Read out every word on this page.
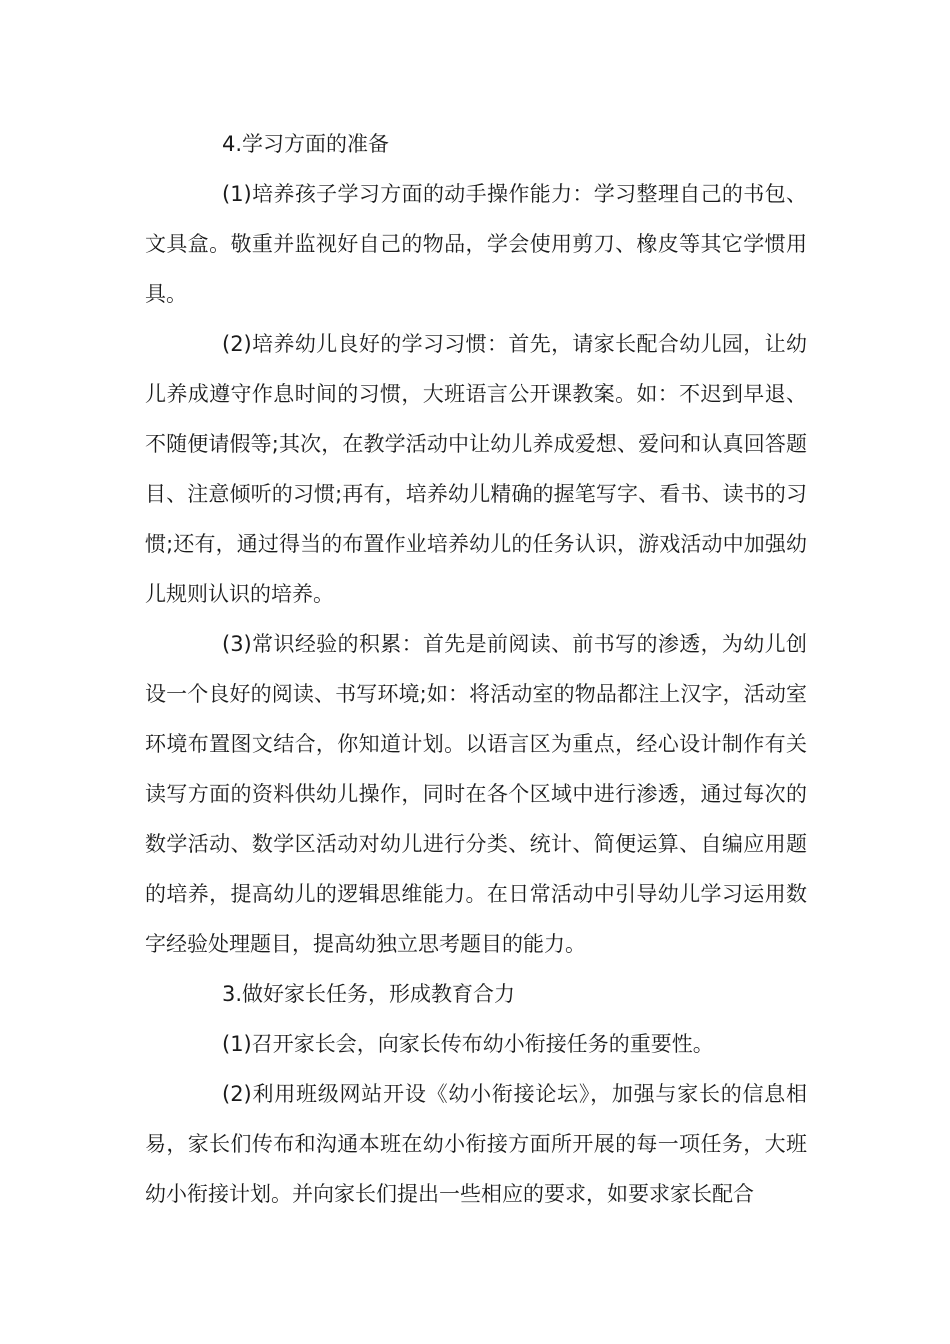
4.学习方面的准备

(1)培养孩子学习方面的动手操作能力：学习整理自己的书包、文具盒。敬重并监视好自己的物品，学会使用剪刀、橡皮等其它学惯用具。

(2)培养幼儿良好的学习习惯：首先，请家长配合幼儿园，让幼儿养成遵守作息时间的习惯，大班语言公开课教案。如：不迟到早退、不随便请假等;其次，在教学活动中让幼儿养成爱想、爱问和认真回答题目、注意倾听的习惯;再有，培养幼儿精确的握笔写字、看书、读书的习惯;还有，通过得当的布置作业培养幼儿的任务认识，游戏活动中加强幼儿规则认识的培养。

(3)常识经验的积累：首先是前阅读、前书写的渗透，为幼儿创设一个良好的阅读、书写环境;如：将活动室的物品都注上汉字，活动室环境布置图文结合，你知道计划。以语言区为重点，经心设计制作有关读写方面的资料供幼儿操作，同时在各个区域中进行渗透，通过每次的数学活动、数学区活动对幼儿进行分类、统计、简便运算、自编应用题的培养，提高幼儿的逻辑思维能力。在日常活动中引导幼儿学习运用数字经验处理题目，提高幼独立思考题目的能力。

3.做好家长任务，形成教育合力

(1)召开家长会，向家长传布幼小衔接任务的重要性。

(2)利用班级网站开设《幼小衔接论坛》，加强与家长的信息相易，家长们传布和沟通本班在幼小衔接方面所开展的每一项任务，大班幼小衔接计划。并向家长们提出一些相应的要求，如要求家长配合
